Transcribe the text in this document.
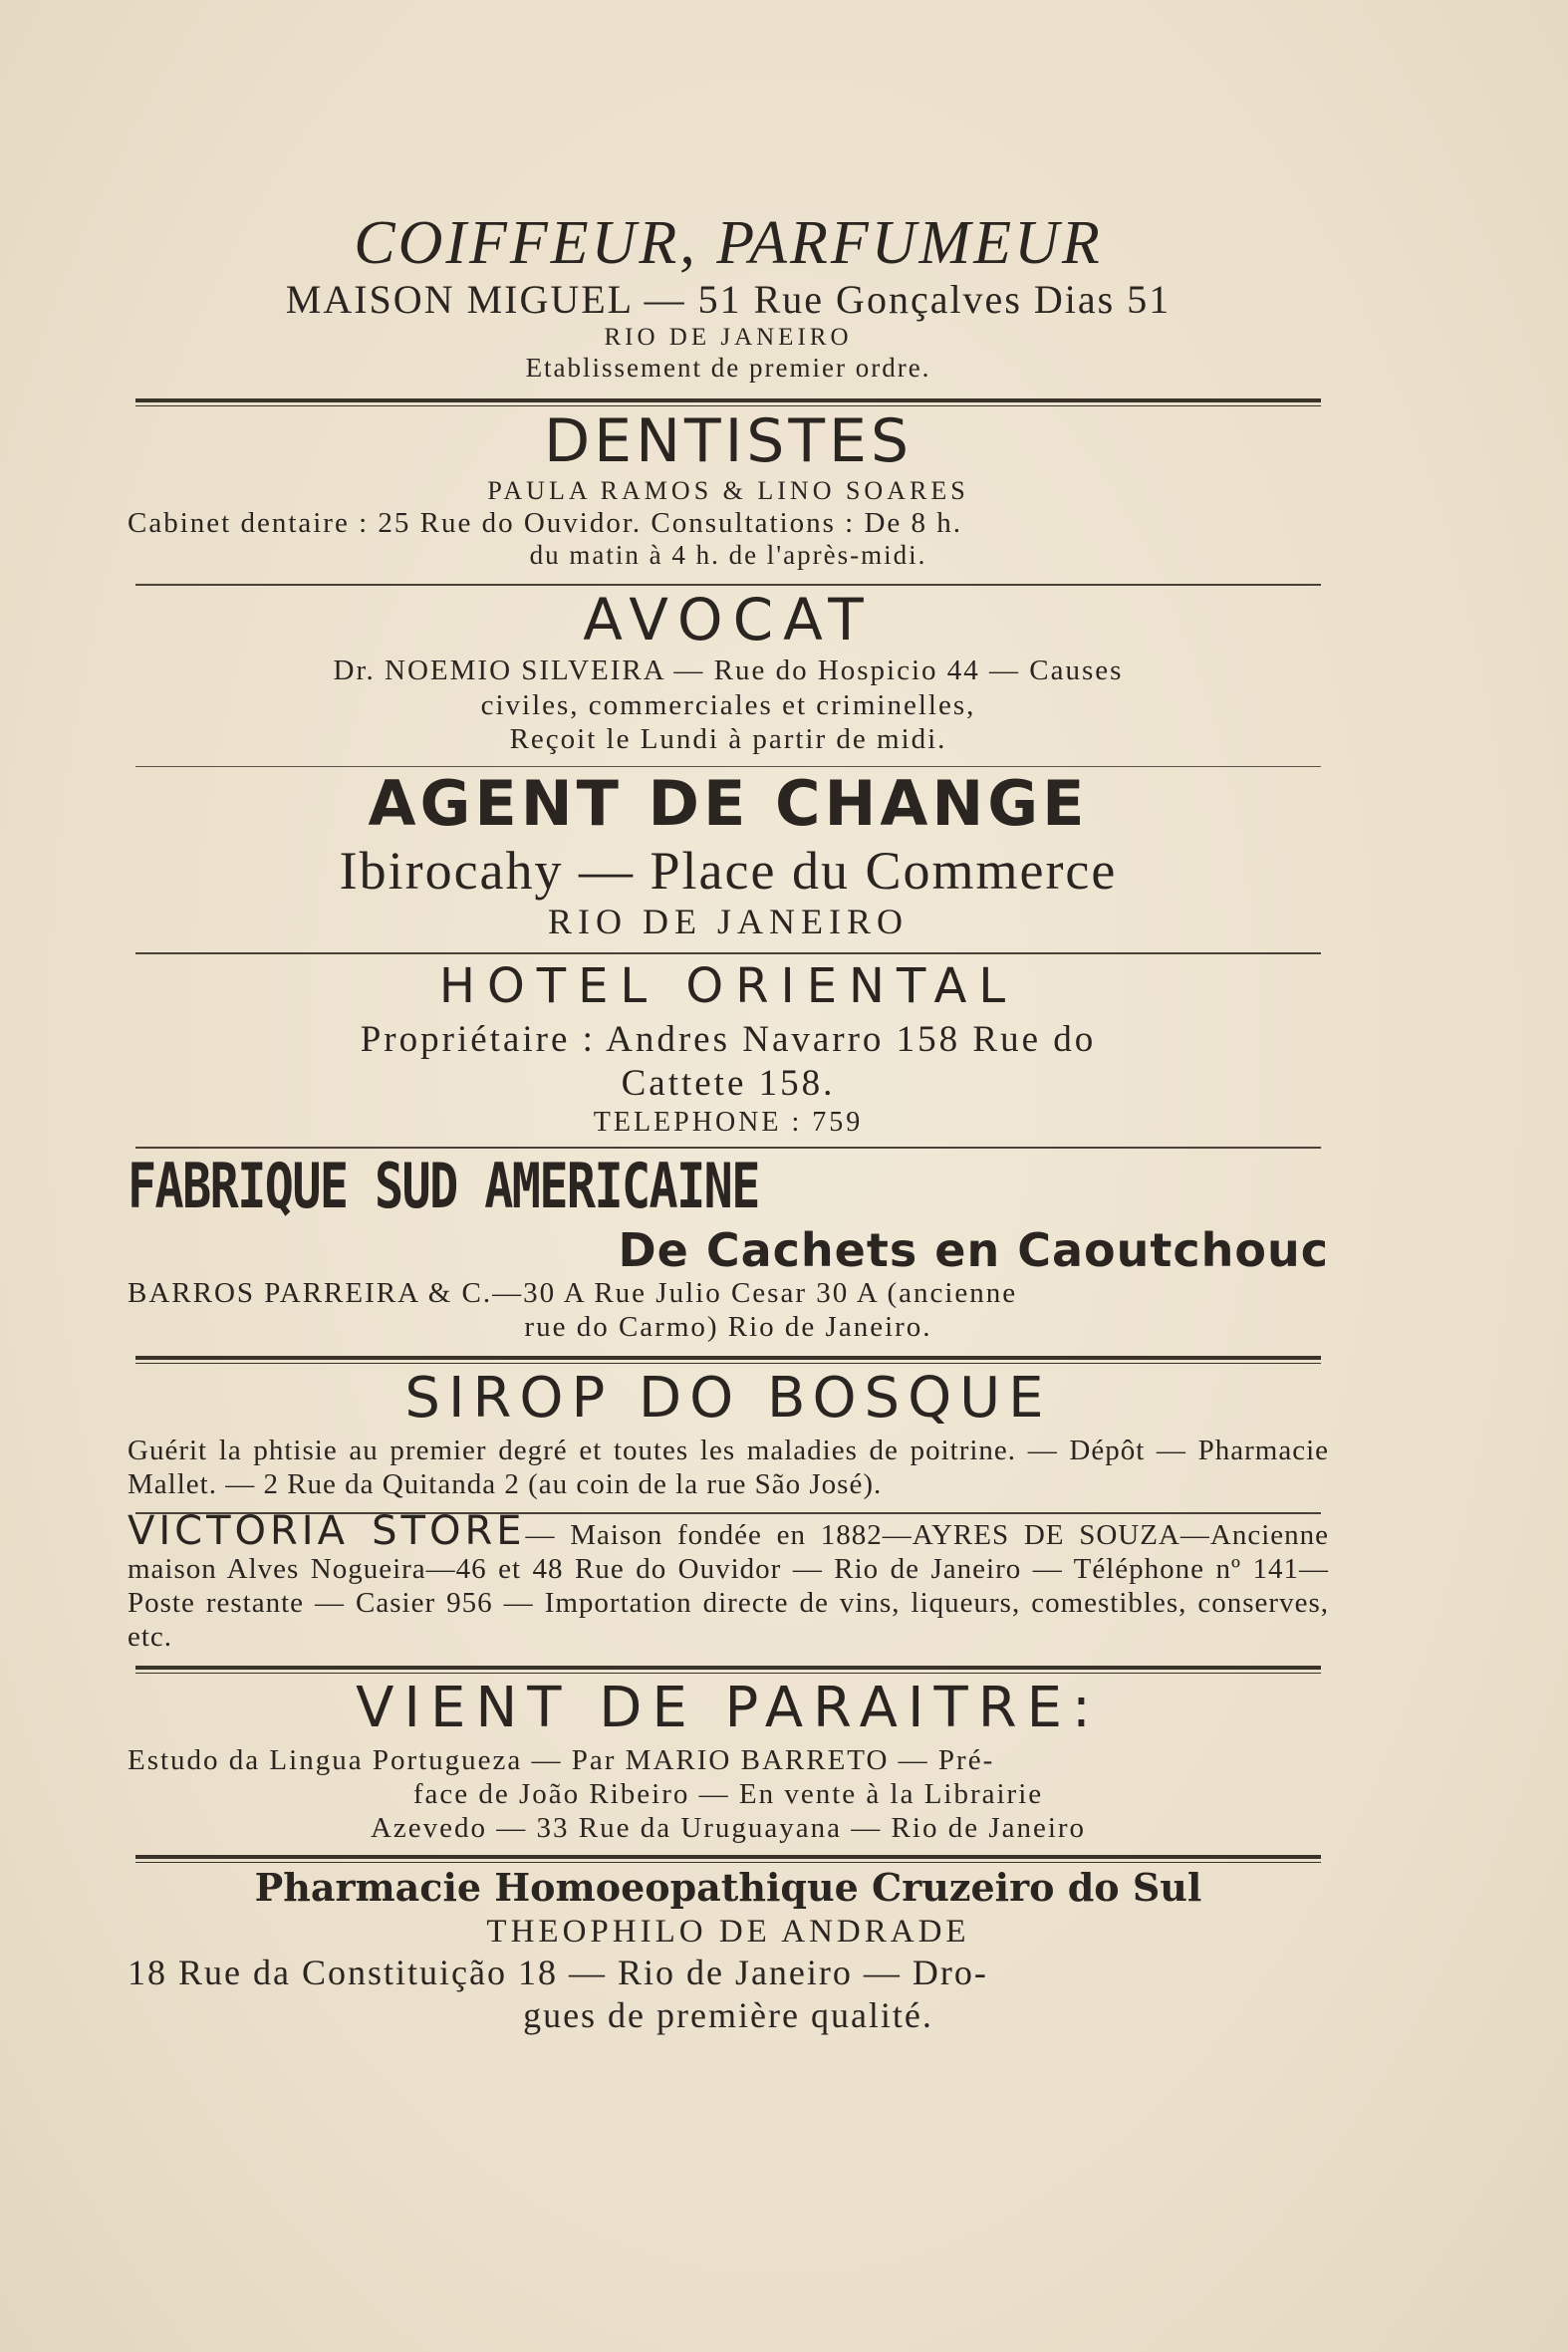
COIFFEUR, PARFUMEUR
MAISON MIGUEL — 51 Rue Gonçalves Dias 51
RIO DE JANEIRO
Etablissement de premier ordre.
DENTISTES
PAULA RAMOS & LINO SOARES
Cabinet dentaire : 25 Rue do Ouvidor. Consultations : De 8 h.
du matin à 4 h. de l'après-midi.
AVOCAT
Dr. NOEMIO SILVEIRA — Rue do Hospicio 44 — Causes
civiles, commerciales et criminelles,
Reçoit le Lundi à partir de midi.
AGENT DE CHANGE
Ibirocahy — Place du Commerce
RIO DE JANEIRO
HOTEL ORIENTAL
Propriétaire : Andres Navarro 158 Rue do
Cattete 158.
TELEPHONE : 759
FABRIQUE SUD AMERICAINE
De Cachets en Caoutchouc
BARROS PARREIRA & C.—30 A Rue Julio Cesar 30 A (ancienne
rue do Carmo) Rio de Janeiro.
SIROP DO BOSQUE
Guérit la phtisie au premier degré et toutes les maladies de poitrine. — Dépôt — Pharmacie Mallet. — 2 Rue da Quitanda 2 (au coin de la rue São José).
VICTORIA STORE— Maison fondée en 1882—AYRES DE SOUZA—Ancienne maison Alves Nogueira—46 et 48 Rue do Ouvidor — Rio de Janeiro — Téléphone nº 141—Poste restante — Casier 956 — Importation directe de vins, liqueurs, comestibles, conserves, etc.
VIENT DE PARAITRE:
Estudo da Lingua Portugueza — Par MARIO BARRETO — Pré-
face de João Ribeiro — En vente à la Librairie
Azevedo — 33 Rue da Uruguayana — Rio de Janeiro
Pharmacie Homoeopathique Cruzeiro do Sul
THEOPHILO DE ANDRADE
18 Rue da Constituição 18 — Rio de Janeiro — Dro-
gues de première qualité.
